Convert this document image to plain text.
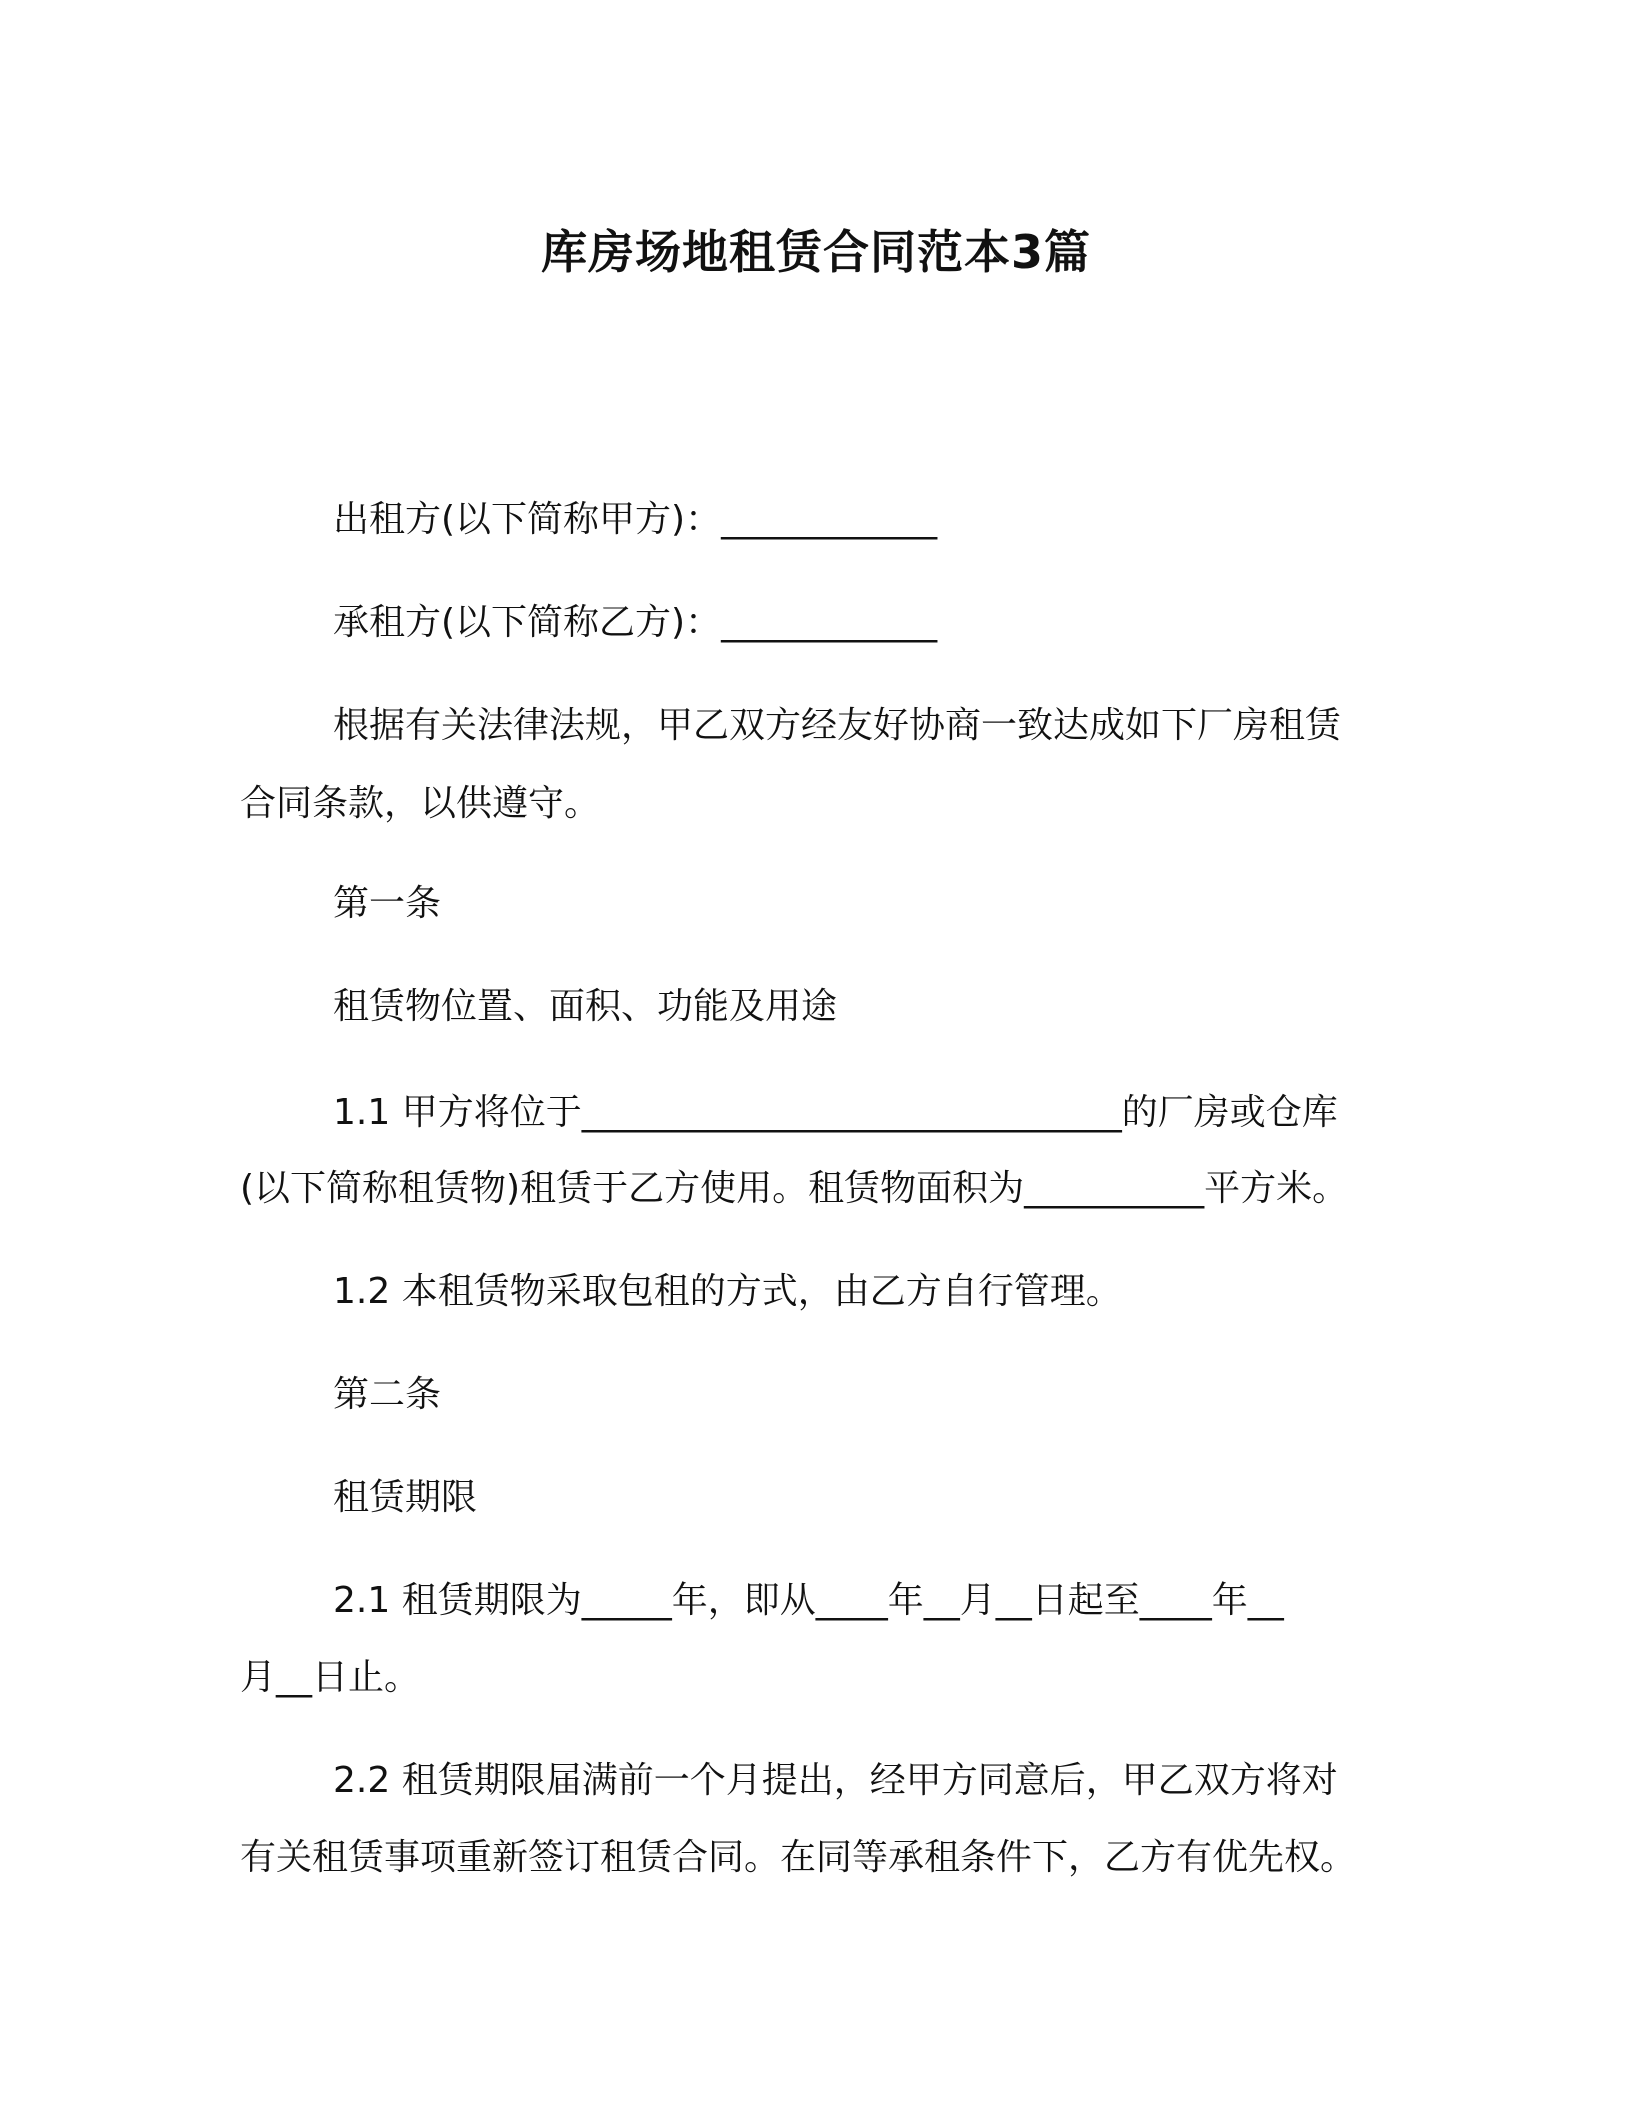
库房场地租赁合同范本3篇
出租方(以下简称甲方)：____________
承租方(以下简称乙方)：____________
根据有关法律法规，甲乙双方经友好协商一致达成如下厂房租赁
合同条款，以供遵守。
第一条
租赁物位置、面积、功能及用途
1.1 甲方将位于______________________________的厂房或仓库
(以下简称租赁物)租赁于乙方使用。租赁物面积为__________平方米。
1.2 本租赁物采取包租的方式，由乙方自行管理。
第二条
租赁期限
2.1 租赁期限为_____年，即从____年__月__日起至____年__
月__日止。
2.2 租赁期限届满前一个月提出，经甲方同意后，甲乙双方将对
有关租赁事项重新签订租赁合同。在同等承租条件下，乙方有优先权。
